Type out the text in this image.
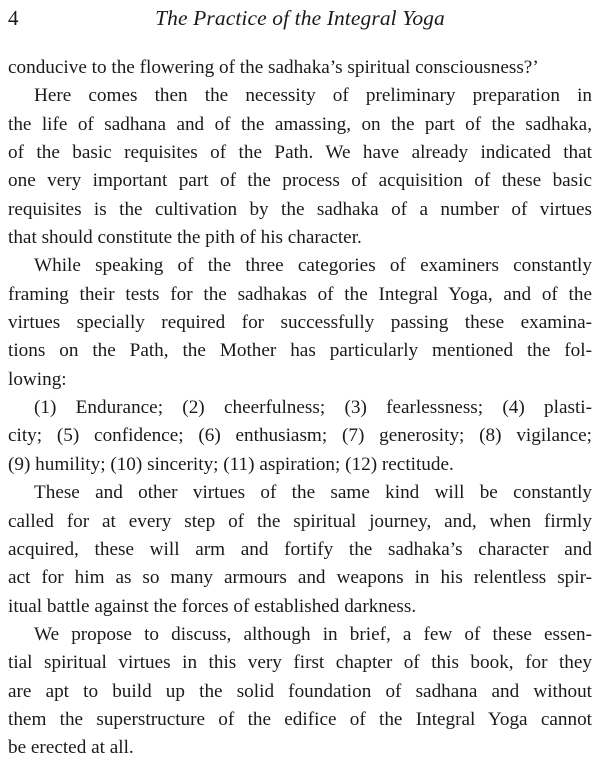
4	The Practice of the Integral Yoga
conducive to the flowering of the sadhaka’s spiritual consciousness?’
Here comes then the necessity of preliminary preparation in
the life of sadhana and of the amassing, on the part of the sadhaka,
of the basic requisites of the Path. We have already indicated that
one very important part of the process of acquisition of these basic
requisites is the cultivation by the sadhaka of a number of virtues
that should constitute the pith of his character.
While speaking of the three categories of examiners constantly
framing their tests for the sadhakas of the Integral Yoga, and of the
virtues specially required for successfully passing these examina-
tions on the Path, the Mother has particularly mentioned the fol-
lowing:
(1) Endurance; (2) cheerfulness; (3) fearlessness; (4) plasti-
city; (5) confidence; (6) enthusiasm; (7) generosity; (8) vigilance;
(9) humility; (10) sincerity; (11) aspiration; (12) rectitude.
These and other virtues of the same kind will be constantly
called for at every step of the spiritual journey, and, when firmly
acquired, these will arm and fortify the sadhaka’s character and
act for him as so many armours and weapons in his relentless spir-
itual battle against the forces of established darkness.
We propose to discuss, although in brief, a few of these essen-
tial spiritual virtues in this very first chapter of this book, for they
are apt to build up the solid foundation of sadhana and without
them the superstructure of the edifice of the Integral Yoga cannot
be erected at all.
